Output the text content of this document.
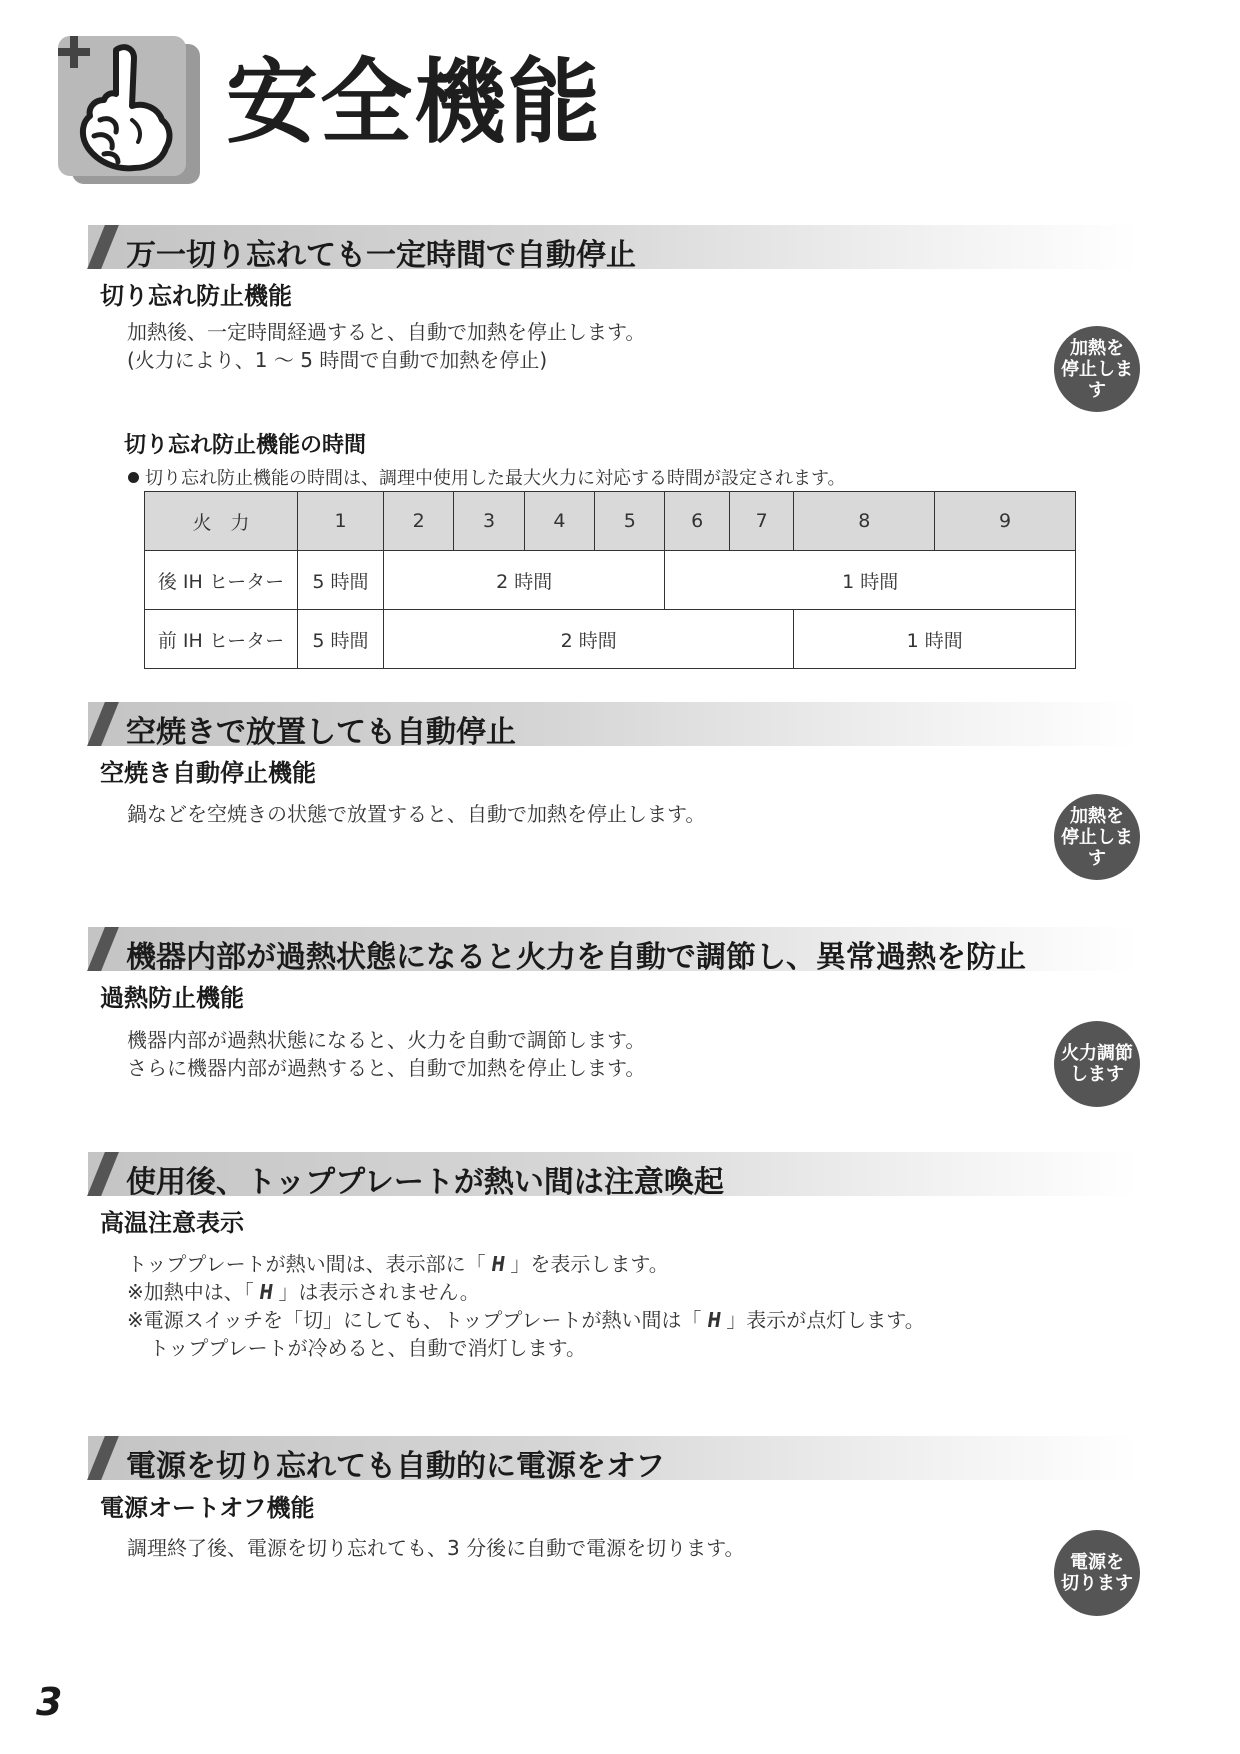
安全機能
万一切り忘れても一定時間で自動停止
切り忘れ防止機能
加熱後、一定時間経過すると、自動で加熱を停止します。
(火力により、1 ～ 5 時間で自動で加熱を停止)	加熱を
停止します
切り忘れ防止機能の時間
切り忘れ防止機能の時間は、調理中使用した最大火力に対応する時間が設定されます。
火　力	1	2	3	4	5	6	7	8	9
後 IH ヒーター	5 時間	2 時間				1 時間			
前 IH ヒーター	5 時間	2 時間						1 時間	
空焼きで放置しても自動停止
空焼き自動停止機能
鍋などを空焼きの状態で放置すると、自動で加熱を停止します。	加熱を
停止します
機器内部が過熱状態になると火力を自動で調節し、異常過熱を防止
過熱防止機能
機器内部が過熱状態になると、火力を自動で調節します。
さらに機器内部が過熱すると、自動で加熱を停止します。
火力調節
します
使用後、トッププレートが熱い間は注意喚起
高温注意表示
トッププレートが熱い間は、表示部に「 H 」を表示します。
※加熱中は、「 H 」は表示されません。
※電源スイッチを「切」にしても、トッププレートが熱い間は「 H 」表示が点灯します。
トッププレートが冷めると、自動で消灯します。
電源を切り忘れても自動的に電源をオフ
電源オートオフ機能
調理終了後、電源を切り忘れても、3 分後に自動で電源を切ります。
電源を
切ります
3
